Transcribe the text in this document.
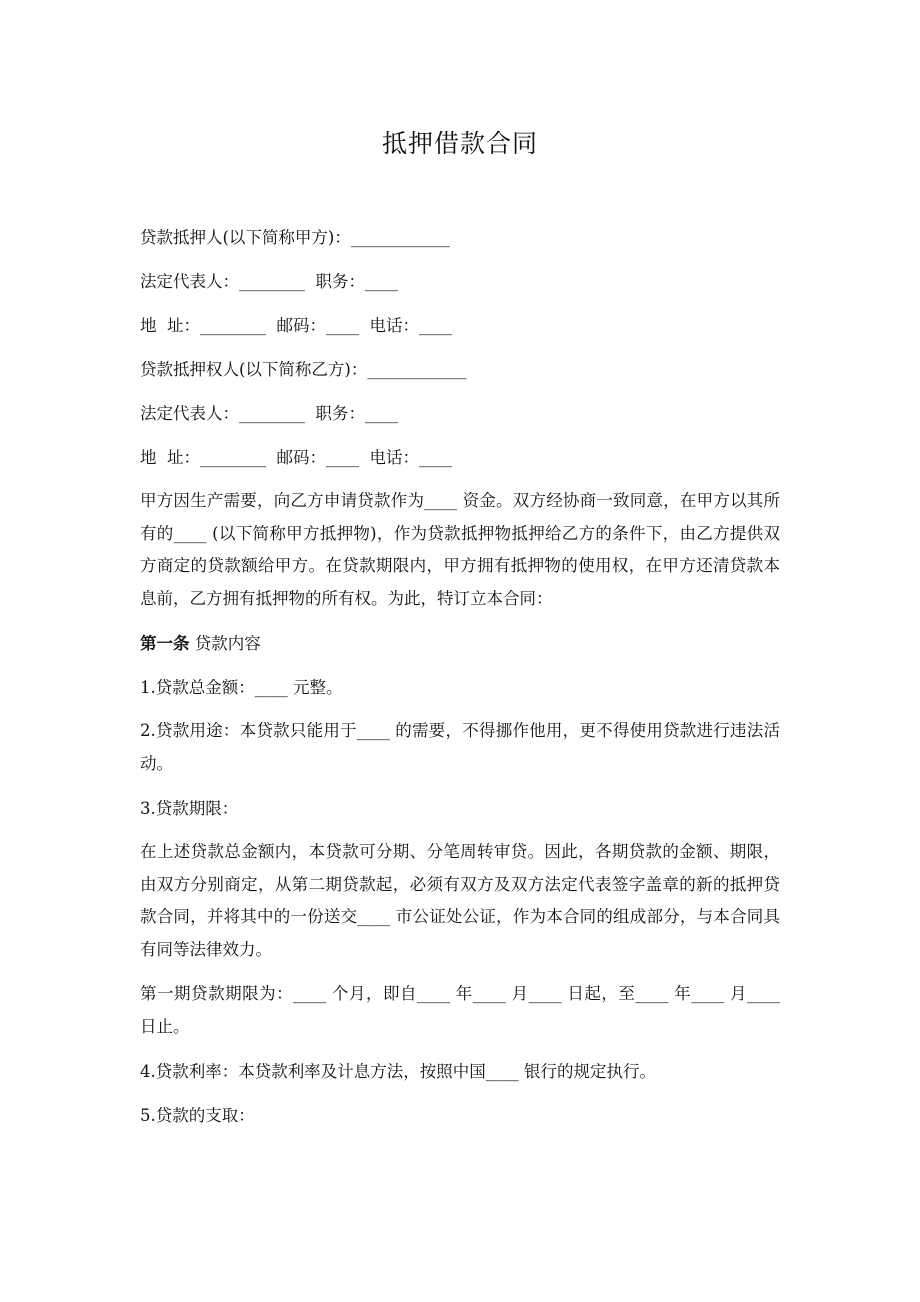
抵押借款合同

贷款抵押人(以下简称甲方)：____________

法定代表人：________  职务：____

地  址：________  邮码：____  电话：____

贷款抵押权人(以下简称乙方)：____________

法定代表人：________  职务：____

地  址：________  邮码：____  电话：____

甲方因生产需要，向乙方申请贷款作为____ 资金。双方经协商一致同意，在甲方以其所有的____ (以下简称甲方抵押物)，作为贷款抵押物抵押给乙方的条件下，由乙方提供双方商定的贷款额给甲方。在贷款期限内，甲方拥有抵押物的使用权，在甲方还清贷款本息前，乙方拥有抵押物的所有权。为此，特订立本合同：

第一条 贷款内容

1.贷款总金额：____ 元整。

2.贷款用途：本贷款只能用于____ 的需要，不得挪作他用，更不得使用贷款进行违法活动。

3.贷款期限：

在上述贷款总金额内，本贷款可分期、分笔周转审贷。因此，各期贷款的金额、期限，由双方分别商定，从第二期贷款起，必须有双方及双方法定代表签字盖章的新的抵押贷款合同，并将其中的一份送交____ 市公证处公证，作为本合同的组成部分，与本合同具有同等法律效力。

第一期贷款期限为：____ 个月，即自____ 年____ 月____ 日起，至____ 年____ 月____ 日止。

4.贷款利率：本贷款利率及计息方法，按照中国____ 银行的规定执行。

5.贷款的支取：
